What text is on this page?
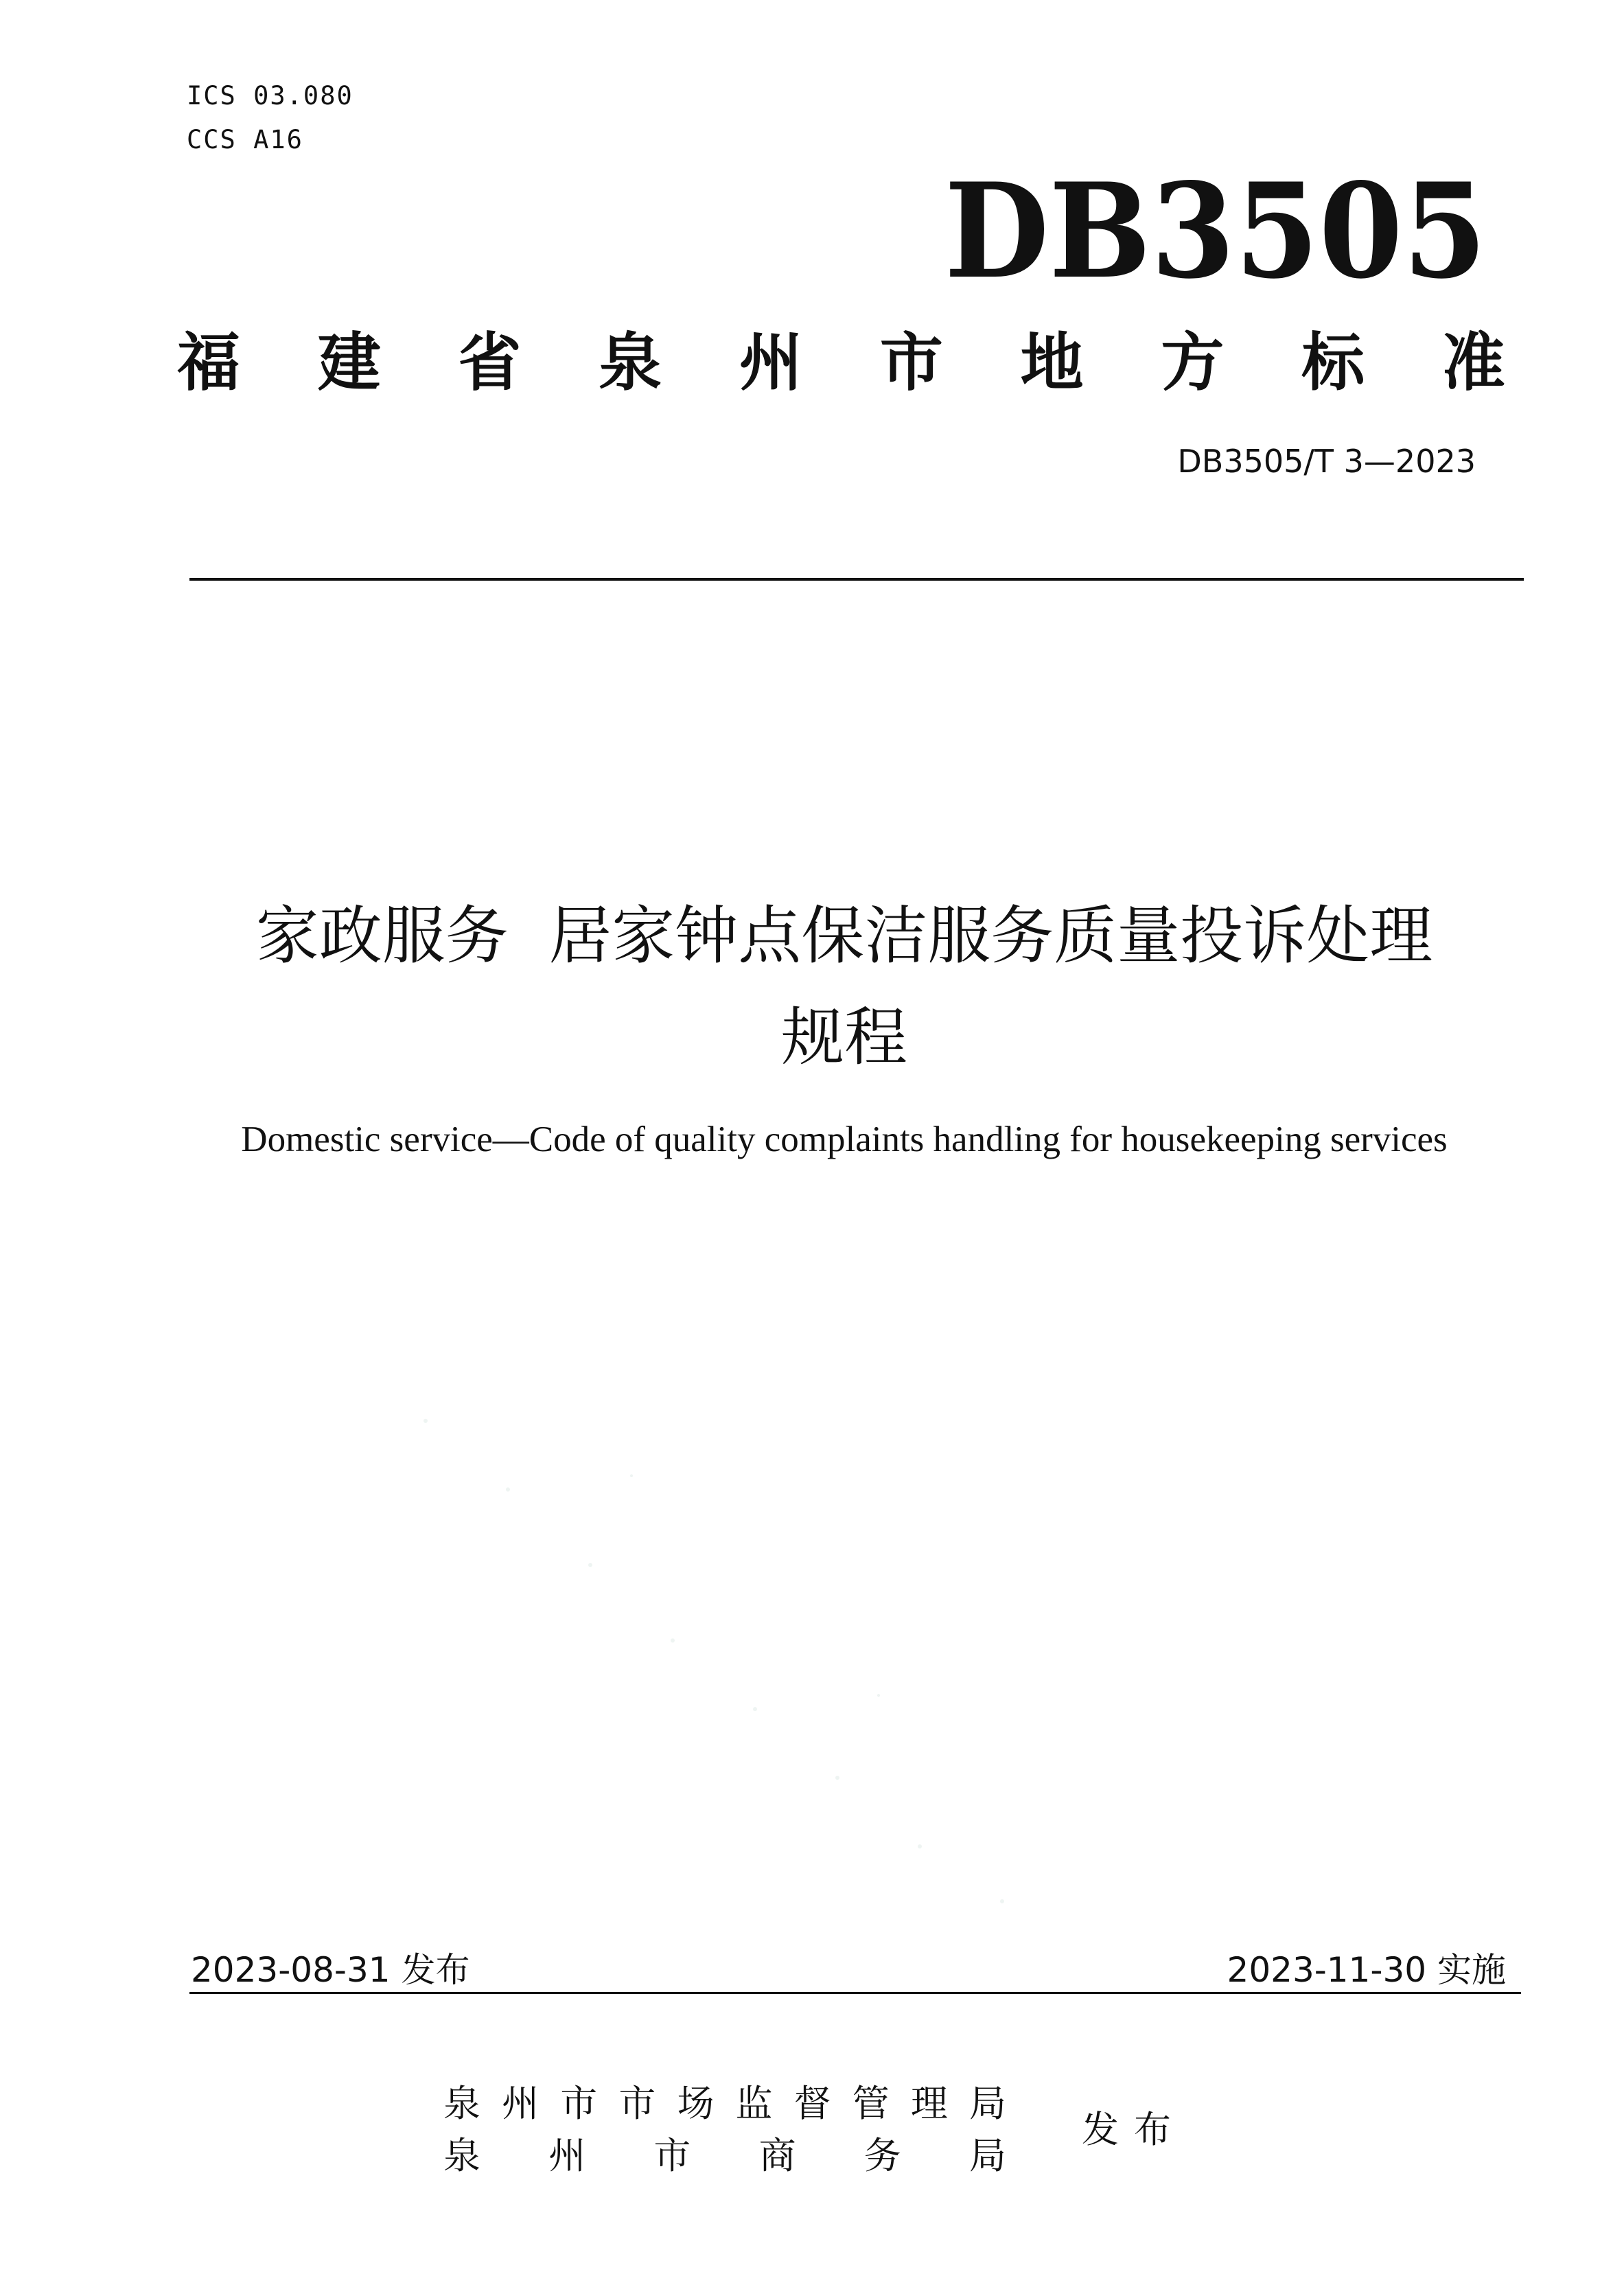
ICS 03.080
CCS A16
DB3505
福 建 省 泉 州 市 地 方 标 准
DB3505/T 3—2023
家政服务  居家钟点保洁服务质量投诉处理
规程
Domestic service—Code of quality complaints handling for housekeeping services
2023-08-31 发布	2023-11-30 实施
泉 州 市 市 场 监 督 管 理 局
泉 州 市 商 务 局
发布
